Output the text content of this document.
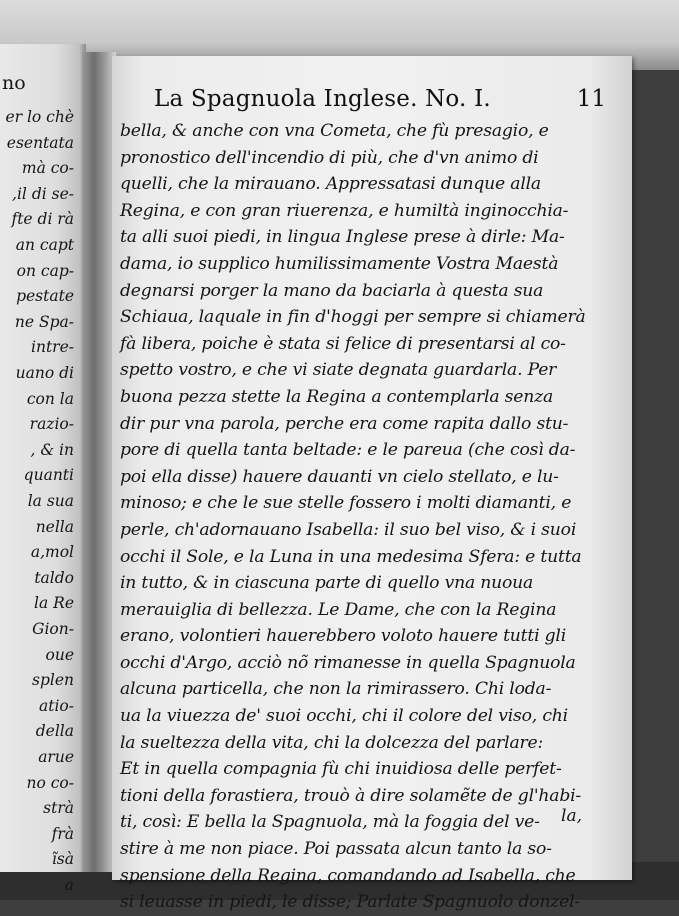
no
er lo chè
esentata
mà co-
,il di se-
fte di rà
an capt
on cap-
pestate
ne Spa-
intre-
uano di
con la
razio-
, & in
quanti
la sua
nella
a,mol
taldo
la Re
Gion-
oue
splen
atio-
della
arue
no co-
strà
frà
ĩsà
a
La Spagnuola Inglese. No. I.	11
bella, & anche con vna Cometa, che fù presagio, e
pronostico dell'incendio di più, che d'vn animo di
quelli, che la mirauano. Appressatasi dunque alla
Regina, e con gran riuerenza, e humiltà inginocchia-
ta alli suoi piedi, in lingua Inglese prese à dirle: Ma-
dama, io supplico humilissimamente Vostra Maestà
degnarsi porger la mano da baciarla à questa sua
Schiaua, laquale in fin d'hoggi per sempre si chiamerà
fà libera, poiche è stata si felice di presentarsi al co-
spetto vostro, e che vi siate degnata guardarla. Per
buona pezza stette la Regina a contemplarla senza
dir pur vna parola, perche era come rapita dallo stu-
pore di quella tanta beltade: e le pareua (che così da-
poi ella disse) hauere dauanti vn cielo stellato, e lu-
minoso; e che le sue stelle fossero i molti diamanti, e
perle, ch'adornauano Isabella: il suo bel viso, & i suoi
occhi il Sole, e la Luna in una medesima Sfera: e tutta
in tutto, & in ciascuna parte di quello vna nuoua
merauiglia di bellezza. Le Dame, che con la Regina
erano, volontieri hauerebbero voloto hauere tutti gli
occhi d'Argo, acciò nõ rimanesse in quella Spagnuola
alcuna particella, che non la rimirassero. Chi loda-
ua la viuezza de' suoi occhi, chi il colore del viso, chi
la sueltezza della vita, chi la dolcezza del parlare:
Et in quella compagnia fù chi inuidiosa delle perfet-
tioni della forastiera, trouò à dire solamẽte de gl'habi-
ti, così: E bella la Spagnuola, mà la foggia del ve-
stire à me non piace. Poi passata alcun tanto la so-
spensione della Regina, comandando ad Isabella, che
si leuasse in piedi, le disse; Parlate Spagnuolo donzel-
la,
